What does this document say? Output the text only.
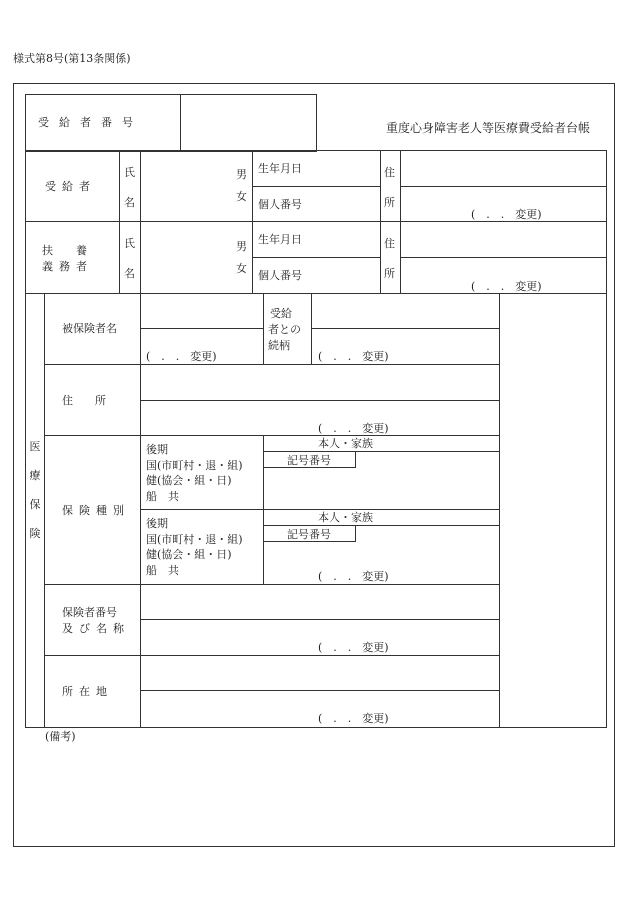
様式第8号(第13条関係)
受給者番号	重度心身障害老人等医療費受給者台帳
受給者
氏
名
男
女
生年月日
個人番号
住
所
(　.　.　変更)
扶　養
義務者
氏
名
男
女
生年月日
個人番号
住
所
(　.　.　変更)
医療保険
被保険者名
(　.　.　変更)
受給
者との
続柄
(　.　.　変更)
住　　所
(　.　.　変更)
保険種別
後期
国(市町村・退・組)
健(協会・組・日)
船　共
本人・家族
記号番号
後期
国(市町村・退・組)
健(協会・組・日)
船　共
本人・家族
記号番号
(　.　.　変更)
保険者番号
及び名称
(　.　.　変更)
所在地
(　.　.　変更)
(備考)
